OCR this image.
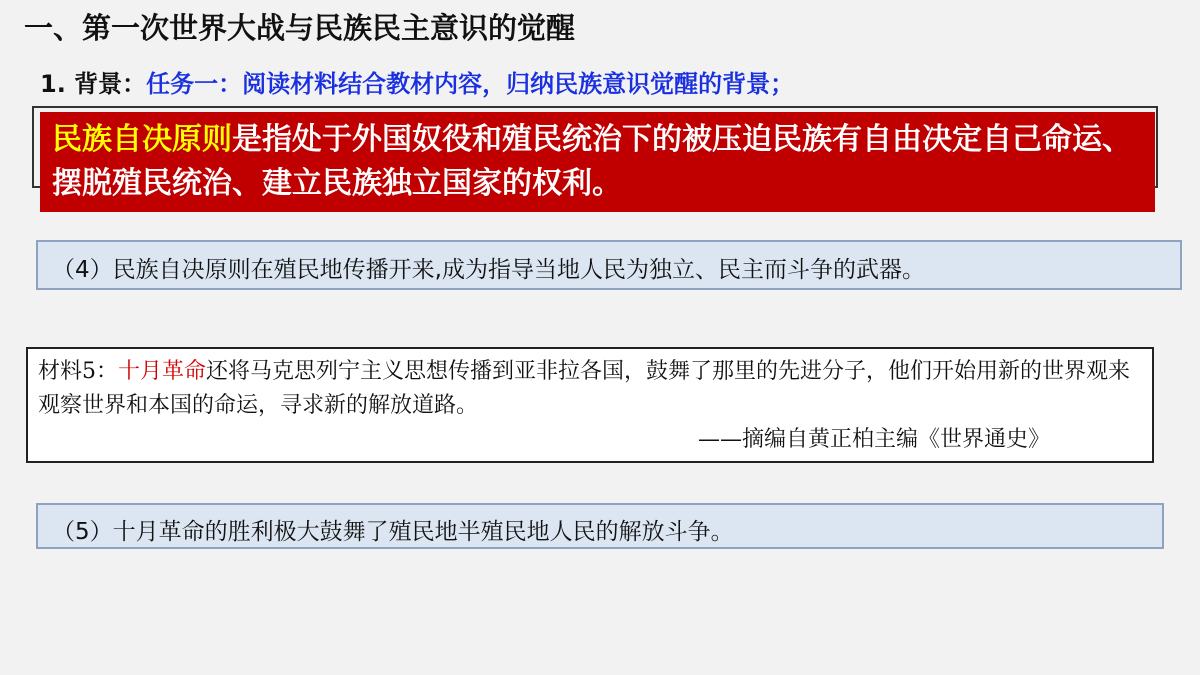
一、第一次世界大战与民族民主意识的觉醒
1. 背景：任务一：阅读材料结合教材内容，归纳民族意识觉醒的背景；
民族自决原则是指处于外国奴役和殖民统治下的被压迫民族有自由决定自己命运、摆脱殖民统治、建立民族独立国家的权利。
（4）民族自决原则在殖民地传播开来,成为指导当地人民为独立、民主而斗争的武器。
材料5：十月革命还将马克思列宁主义思想传播到亚非拉各国，鼓舞了那里的先进分子，他们开始用新的世界观来观察世界和本国的命运，寻求新的解放道路。
——摘编自黄正柏主编《世界通史》
（5）十月革命的胜利极大鼓舞了殖民地半殖民地人民的解放斗争。
